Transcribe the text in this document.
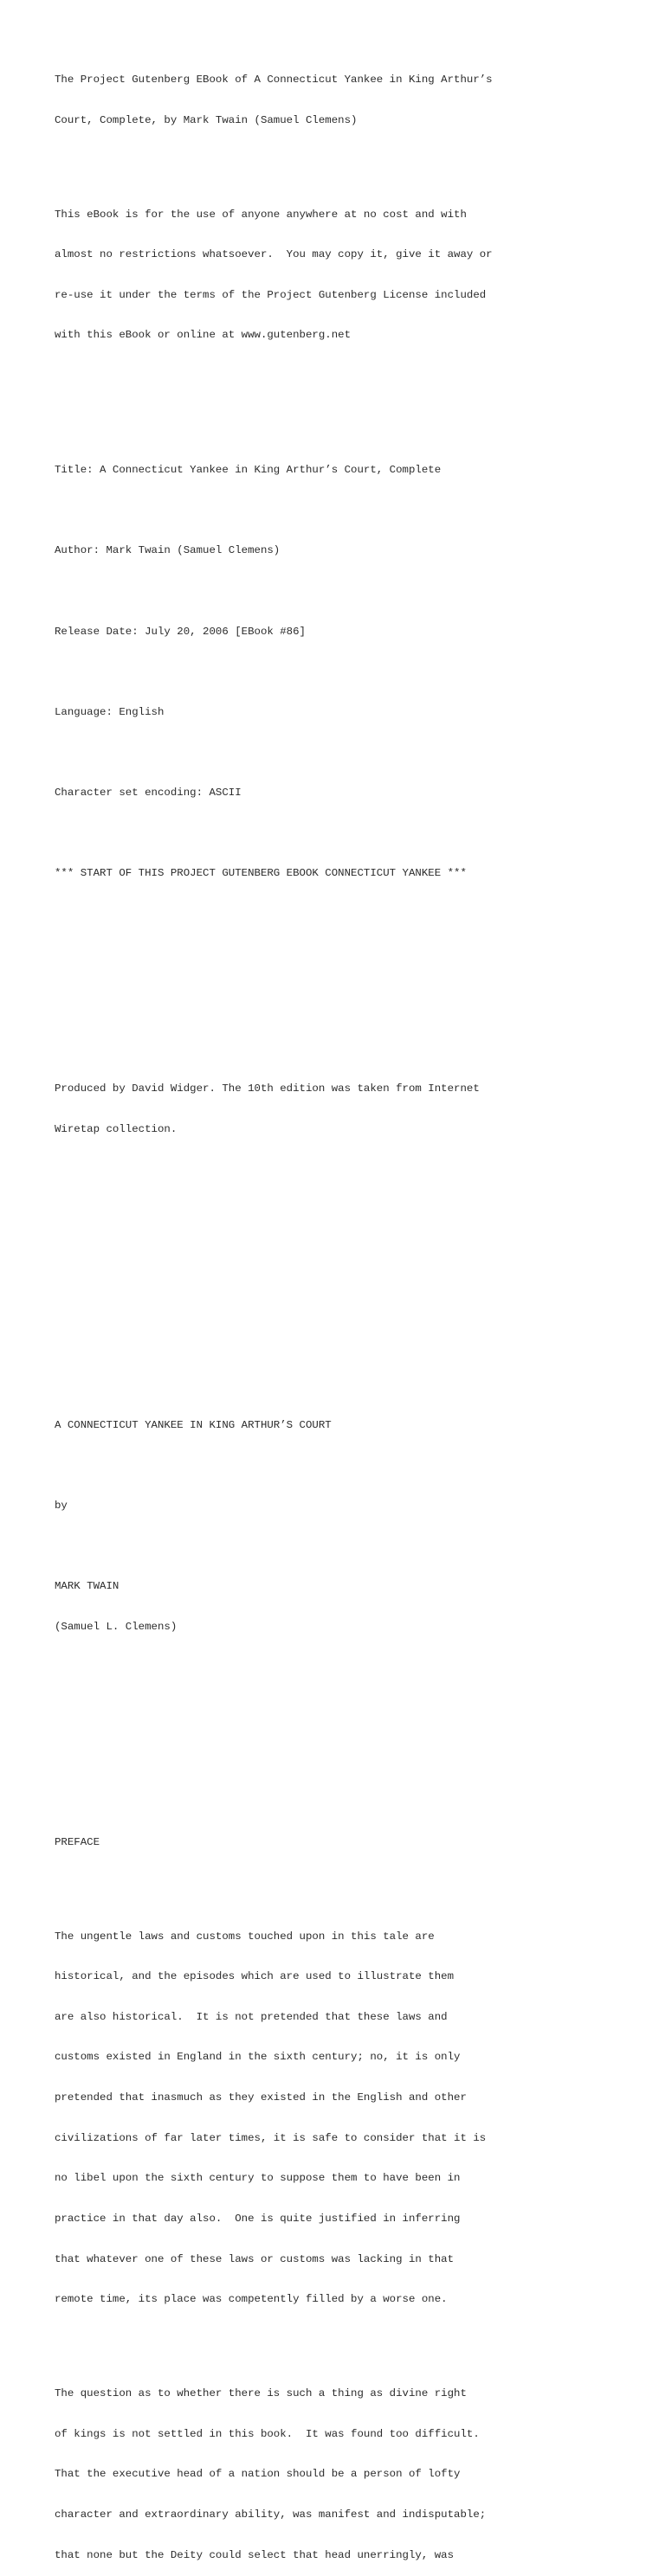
The Project Gutenberg EBook of A Connecticut Yankee in King Arthur’s

Court, Complete, by Mark Twain (Samuel Clemens)

This eBook is for the use of anyone anywhere at no cost and with

almost no restrictions whatsoever.  You may copy it, give it away or

re-use it under the terms of the Project Gutenberg License included

with this eBook or online at www.gutenberg.net

Title: A Connecticut Yankee in King Arthur’s Court, Complete

Author: Mark Twain (Samuel Clemens)

Release Date: July 20, 2006 [EBook #86]

Language: English

Character set encoding: ASCII

*** START OF THIS PROJECT GUTENBERG EBOOK CONNECTICUT YANKEE ***

Produced by David Widger. The 10th edition was taken from Internet

Wiretap collection.

A CONNECTICUT YANKEE IN KING ARTHUR’S COURT

by

MARK TWAIN

(Samuel L. Clemens)

PREFACE

The ungentle laws and customs touched upon in this tale are

historical, and the episodes which are used to illustrate them

are also historical.  It is not pretended that these laws and

customs existed in England in the sixth century; no, it is only

pretended that inasmuch as they existed in the English and other

civilizations of far later times, it is safe to consider that it is

no libel upon the sixth century to suppose them to have been in

practice in that day also.  One is quite justified in inferring

that whatever one of these laws or customs was lacking in that

remote time, its place was competently filled by a worse one.

The question as to whether there is such a thing as divine right

of kings is not settled in this book.  It was found too difficult.

That the executive head of a nation should be a person of lofty

character and extraordinary ability, was manifest and indisputable;

that none but the Deity could select that head unerringly, was
